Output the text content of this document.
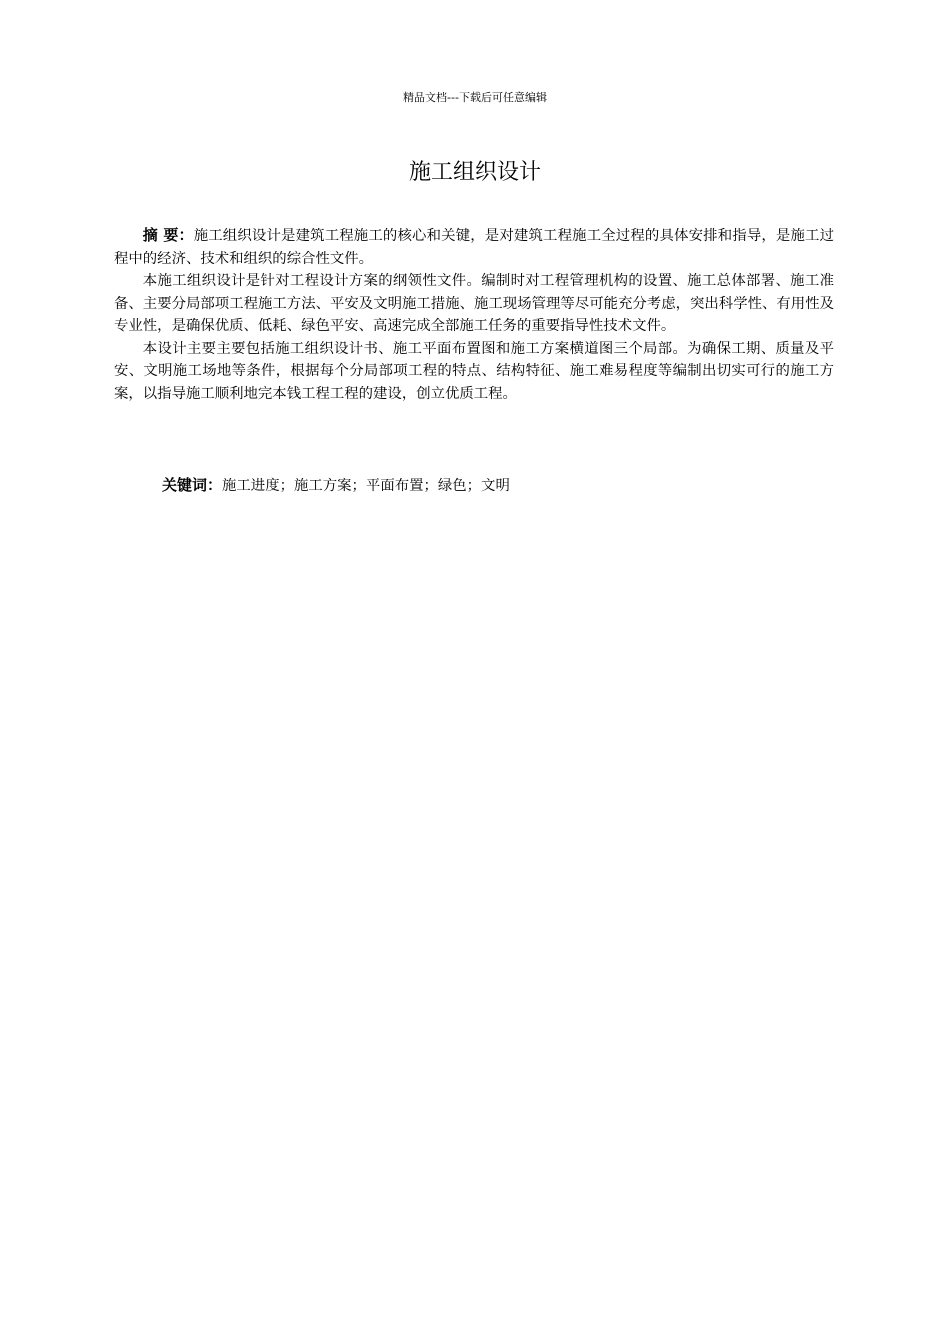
精品文档---下载后可任意编辑
施工组织设计

摘 要：施工组织设计是建筑工程施工的核心和关键，是对建筑工程施工全过程的具体安排和指导，是施工过程中的经济、技术和组织的综合性文件。

本施工组织设计是针对工程设计方案的纲领性文件。编制时对工程管理机构的设置、施工总体部署、施工准备、主要分局部项工程施工方法、平安及文明施工措施、施工现场管理等尽可能充分考虑，突出科学性、有用性及专业性，是确保优质、低耗、绿色平安、高速完成全部施工任务的重要指导性技术文件。

本设计主要主要包括施工组织设计书、施工平面布置图和施工方案横道图三个局部。为确保工期、质量及平安、文明施工场地等条件，根据每个分局部项工程的特点、结构特征、施工难易程度等编制出切实可行的施工方案，以指导施工顺利地完本钱工程工程的建设，创立优质工程。

关键词：施工进度；施工方案；平面布置；绿色；文明
